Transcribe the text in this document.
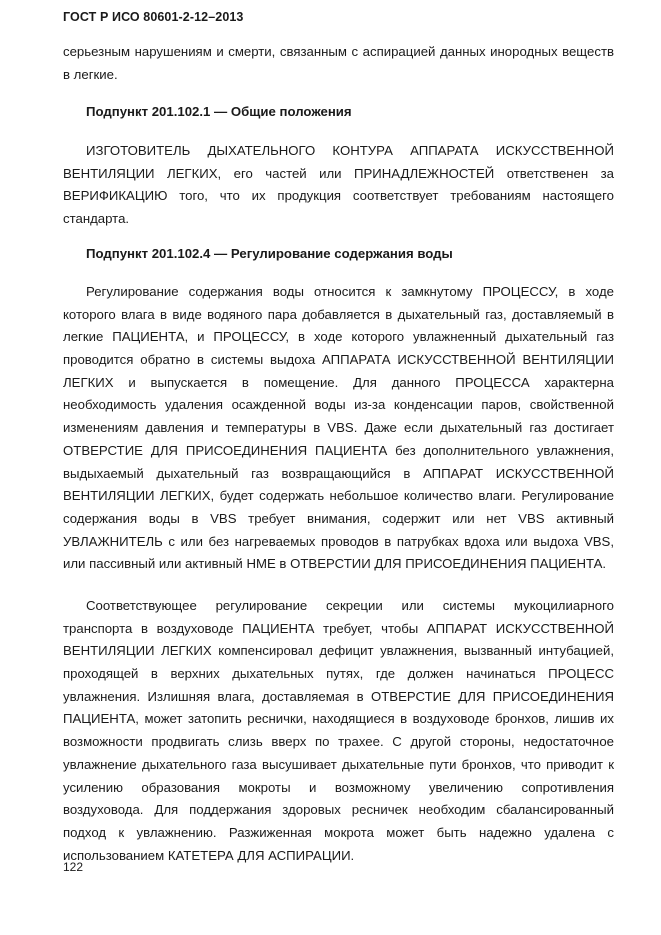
ГОСТ Р ИСО 80601-2-12–2013
серьезным нарушениям и смерти, связанным с аспирацией данных инородных веществ
в легкие.
Подпункт 201.102.1 — Общие положения
ИЗГОТОВИТЕЛЬ ДЫХАТЕЛЬНОГО КОНТУРА АППАРАТА ИСКУССТВЕННОЙ
ВЕНТИЛЯЦИИ ЛЕГКИХ, его частей или ПРИНАДЛЕЖНОСТЕЙ ответственен за
ВЕРИФИКАЦИЮ того, что их продукция соответствует требованиям настоящего
стандарта.
Подпункт 201.102.4 — Регулирование содержания воды
Регулирование содержания воды относится к замкнутому ПРОЦЕССУ, в ходе
которого влага в виде водяного пара добавляется в дыхательный газ, доставляемый в
легкие ПАЦИЕНТА, и ПРОЦЕССУ, в ходе которого увлажненный дыхательный газ
проводится обратно в системы выдоха АППАРАТА ИСКУССТВЕННОЙ ВЕНТИЛЯЦИИ
ЛЕГКИХ и выпускается в помещение. Для данного ПРОЦЕССА характерна
необходимость удаления осажденной воды из-за конденсации паров, свойственной
изменениям давления и температуры в VBS. Даже если дыхательный газ достигает
ОТВЕРСТИЕ ДЛЯ ПРИСОЕДИНЕНИЯ ПАЦИЕНТА без дополнительного увлажнения,
выдыхаемый дыхательный газ возвращающийся в АППАРАТ ИСКУССТВЕННОЙ
ВЕНТИЛЯЦИИ ЛЕГКИХ, будет содержать небольшое количество влаги. Регулирование
содержания воды в VBS требует внимания, содержит или нет VBS активный
УВЛАЖНИТЕЛЬ с или без нагреваемых проводов в патрубках вдоха или выдоха VBS,
или пассивный или активный НМЕ в ОТВЕРСТИИ ДЛЯ ПРИСОЕДИНЕНИЯ ПАЦИЕНТА.
Соответствующее регулирование секреции или системы мукоцилиарного
транспорта в воздуховоде ПАЦИЕНТА требует, чтобы АППАРАТ ИСКУССТВЕННОЙ
ВЕНТИЛЯЦИИ ЛЕГКИХ компенсировал дефицит увлажнения, вызванный интубацией,
проходящей в верхних дыхательных путях, где должен начинаться ПРОЦЕСС
увлажнения. Излишняя влага, доставляемая в ОТВЕРСТИЕ ДЛЯ ПРИСОЕДИНЕНИЯ
ПАЦИЕНТА, может затопить реснички, находящиеся в воздуховоде бронхов, лишив их
возможности продвигать слизь вверх по трахее. С другой стороны, недостаточное
увлажнение дыхательного газа высушивает дыхательные пути бронхов, что приводит к
усилению образования мокроты и возможному увеличению сопротивления
воздуховода. Для поддержания здоровых ресничек необходим сбалансированный
подход к увлажнению. Разжиженная мокрота может быть надежно удалена с
использованием КАТЕТЕРА ДЛЯ АСПИРАЦИИ.
122
